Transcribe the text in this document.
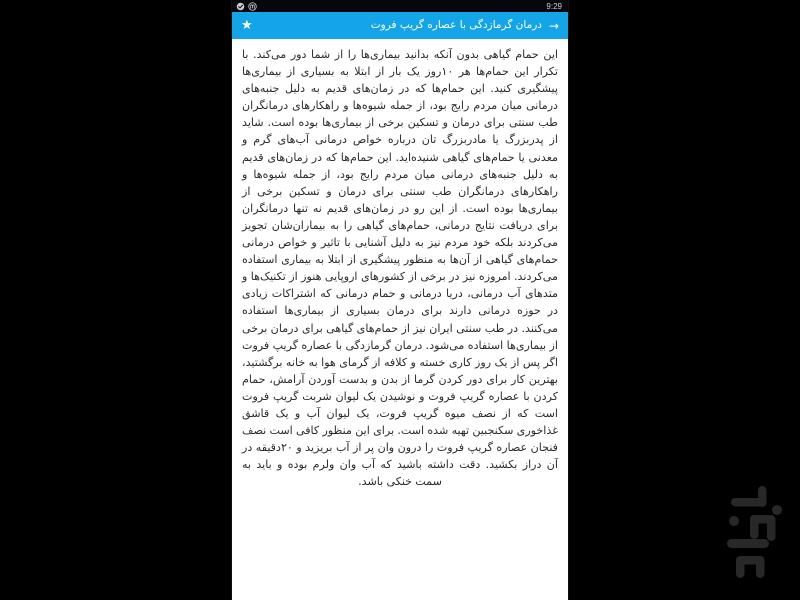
9:29
→
درمان گرمازدگی با عصاره گریپ فروت
★

این حمام گیاهی بدون آنکه بدانید بیماری‌ها را از شما دور می‌کند. با تکرار این حمام‌ها هر ۱۰روز یک بار از ابتلا به بسیاری از بیماری‌ها پیشگیری کنید. این حمام‌ها که در زمان‌های قدیم به دلیل جنبه‌های درمانی میان مردم رایج بود، از جمله شیوه‌ها و راهکارهای درمانگران طب سنتی برای درمان و تسکین برخی از بیماری‌ها بوده است. شاید از پدربزرگ یا مادربزرگ تان درباره خواص درمانی آب‌های گرم و معدنی یا حمام‌های گیاهی شنیده‌اید. این حمام‌ها که در زمان‌های قدیم به دلیل جنبه‌های درمانی میان مردم رایج بود، از جمله شیوه‌ها و راهکارهای درمانگران طب سنتی برای درمان و تسکین برخی از بیماری‌ها بوده است. از این رو در زمان‌های قدیم نه تنها درمانگران برای دریافت نتایج درمانی، حمام‌های گیاهی را به بیماران‌شان تجویز می‌کردند بلکه خود مردم نیز به دلیل آشنایی با تاثیر و خواص درمانی حمام‌های گیاهی از آن‌ها به منظور پیشگیری از ابتلا به بیماری استفاده می‌کردند. امروزه نیز در برخی از کشورهای اروپایی هنوز از تکنیک‌ها و متدهای آب درمانی، دریا درمانی و حمام درمانی که اشتراکات زیادی در حوزه درمانی دارند برای درمان بسیاری از بیماری‌ها استفاده می‌کنند. در طب سنتی ایران نیز از حمام‌های گیاهی برای درمان برخی از بیماری‌ها استفاده می‌شود. درمان گرمازدگی با عصاره گریپ فروت اگر پس از یک روز کاری خسته و کلافه از گرمای هوا به خانه برگشتید، بهترین کار برای دور کردن گرما از بدن و بدست آوردن آرامش، حمام کردن با عصاره گریپ فروت و نوشیدن یک لیوان شربت گریپ فروت است که از نصف میوه گریپ فروت، یک لیوان آب و یک قاشق غذاخوری سکنجبین تهیه شده است. برای این منظور کافی است نصف فنجان عصاره گریپ فروت را درون وان پر از آب بریزید و ۲۰دقیقه در آن دراز بکشید. دقت داشته باشید که آب وان ولرم بوده و باید به سمت خنکی باشد.
